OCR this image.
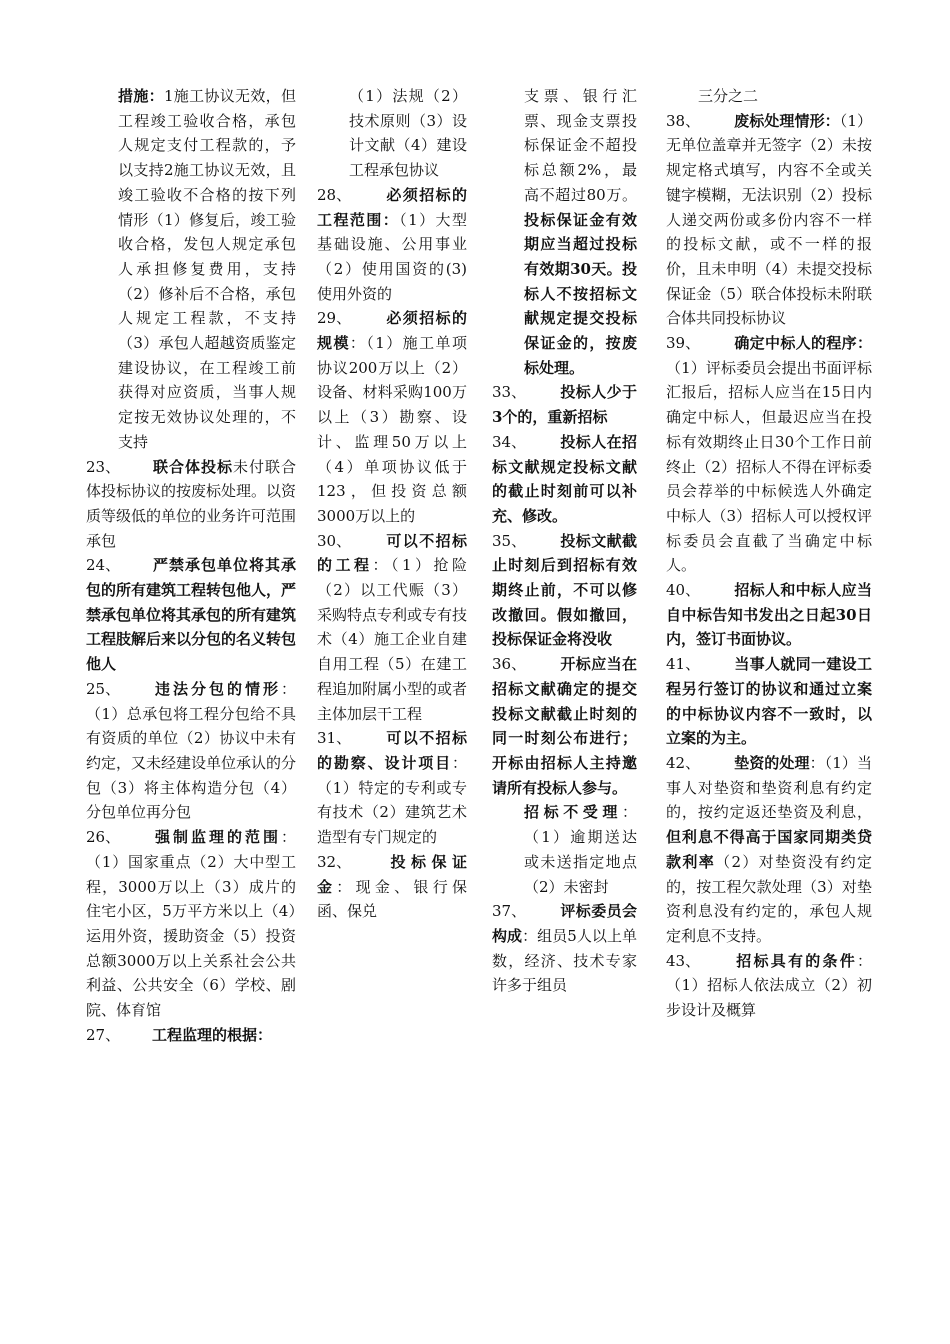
措施：1施工协议无效，但工程竣工验收合格，承包人规定支付工程款的，予以支持2施工协议无效，且竣工验收不合格的按下列情形（1）修复后，竣工验收合格，发包人规定承包人承担修复费用，支持（2）修补后不合格，承包人规定工程款，不支持（3）承包人超越资质鉴定建设协议，在工程竣工前获得对应资质，当事人规定按无效协议处理的，不支持

23、 联合体投标未付联合体投标协议的按废标处理。以资质等级低的单位的业务许可范围承包

24、 严禁承包单位将其承包的所有建筑工程转包他人，严禁承包单位将其承包的所有建筑工程肢解后来以分包的名义转包他人

25、 违法分包的情形：（1）总承包将工程分包给不具有资质的单位（2）协议中未有约定，又未经建设单位承认的分包（3）将主体构造分包（4）分包单位再分包

26、 强制监理的范围：（1）国家重点（2）大中型工程，3000万以上（3）成片的住宅小区，5万平方米以上（4）运用外资，援助资金（5）投资总额3000万以上关系社会公共利益、公共安全（6）学校、剧院、体育馆

27、 工程监理的根据：

（1）法规（2）技术原则（3）设计文献（4）建设工程承包协议

28、 必须招标的工程范围：（1）大型基础设施、公用事业（2）使用国资的(3)使用外资的

29、 必须招标的规模：（1）施工单项协议200万以上（2）设备、材料采购100万以上（3）勘察、设计、监理50万以上（4）单项协议低于123，但投资总额3000万以上的

30、 可以不招标的工程：（1）抢险（2）以工代赈（3）采购特点专利或专有技术（4）施工企业自建自用工程（5）在建工程追加附属小型的或者主体加层干工程

31、 可以不招标的勘察、设计项目：（1）特定的专利或专有技术（2）建筑艺术造型有专门规定的

32、 投标保证金：现金、银行保函、保兑

支票、银行汇票、现金支票投标保证金不超投标总额2%，最高不超过80万。投标保证金有效期应当超过投标有效期30天。投标人不按招标文献规定提交投标保证金的，按废标处理。

33、 投标人少于3个的，重新招标

34、 投标人在招标文献规定投标文献的截止时刻前可以补充、修改。

35、 投标文献截止时刻后到招标有效期终止前，不可以修改撤回。假如撤回，投标保证金将没收

36、 开标应当在招标文献确定的提交投标文献截止时刻的同一时刻公布进行；开标由招标人主持邀请所有投标人参与。

招标不受理：（1）逾期送达或未送指定地点（2）未密封

37、 评标委员会构成：组员5人以上单数，经济、技术专家许多于组员

三分之二

38、 废标处理情形：（1）无单位盖章并无签字（2）未按规定格式填写，内容不全或关键字模糊，无法识别（2）投标人递交两份或多份内容不一样的投标文献，或不一样的报价，且未申明（4）未提交投标保证金（5）联合体投标未附联合体共同投标协议

39、 确定中标人的程序：（1）评标委员会提出书面评标汇报后，招标人应当在15日内确定中标人，但最迟应当在投标有效期终止日30个工作日前终止（2）招标人不得在评标委员会荐举的中标候选人外确定中标人（3）招标人可以授权评标委员会直截了当确定中标人。

40、 招标人和中标人应当自中标告知书发出之日起30日内，签订书面协议。

41、 当事人就同一建设工程另行签订的协议和通过立案的中标协议内容不一致时，以立案的为主。

42、 垫资的处理：（1）当事人对垫资和垫资利息有约定的，按约定返还垫资及利息，但利息不得高于国家同期类贷款利率（2）对垫资没有约定的，按工程欠款处理（3）对垫资利息没有约定的，承包人规定利息不支持。

43、 招标具有的条件：（1）招标人依法成立（2）初步设计及概算
